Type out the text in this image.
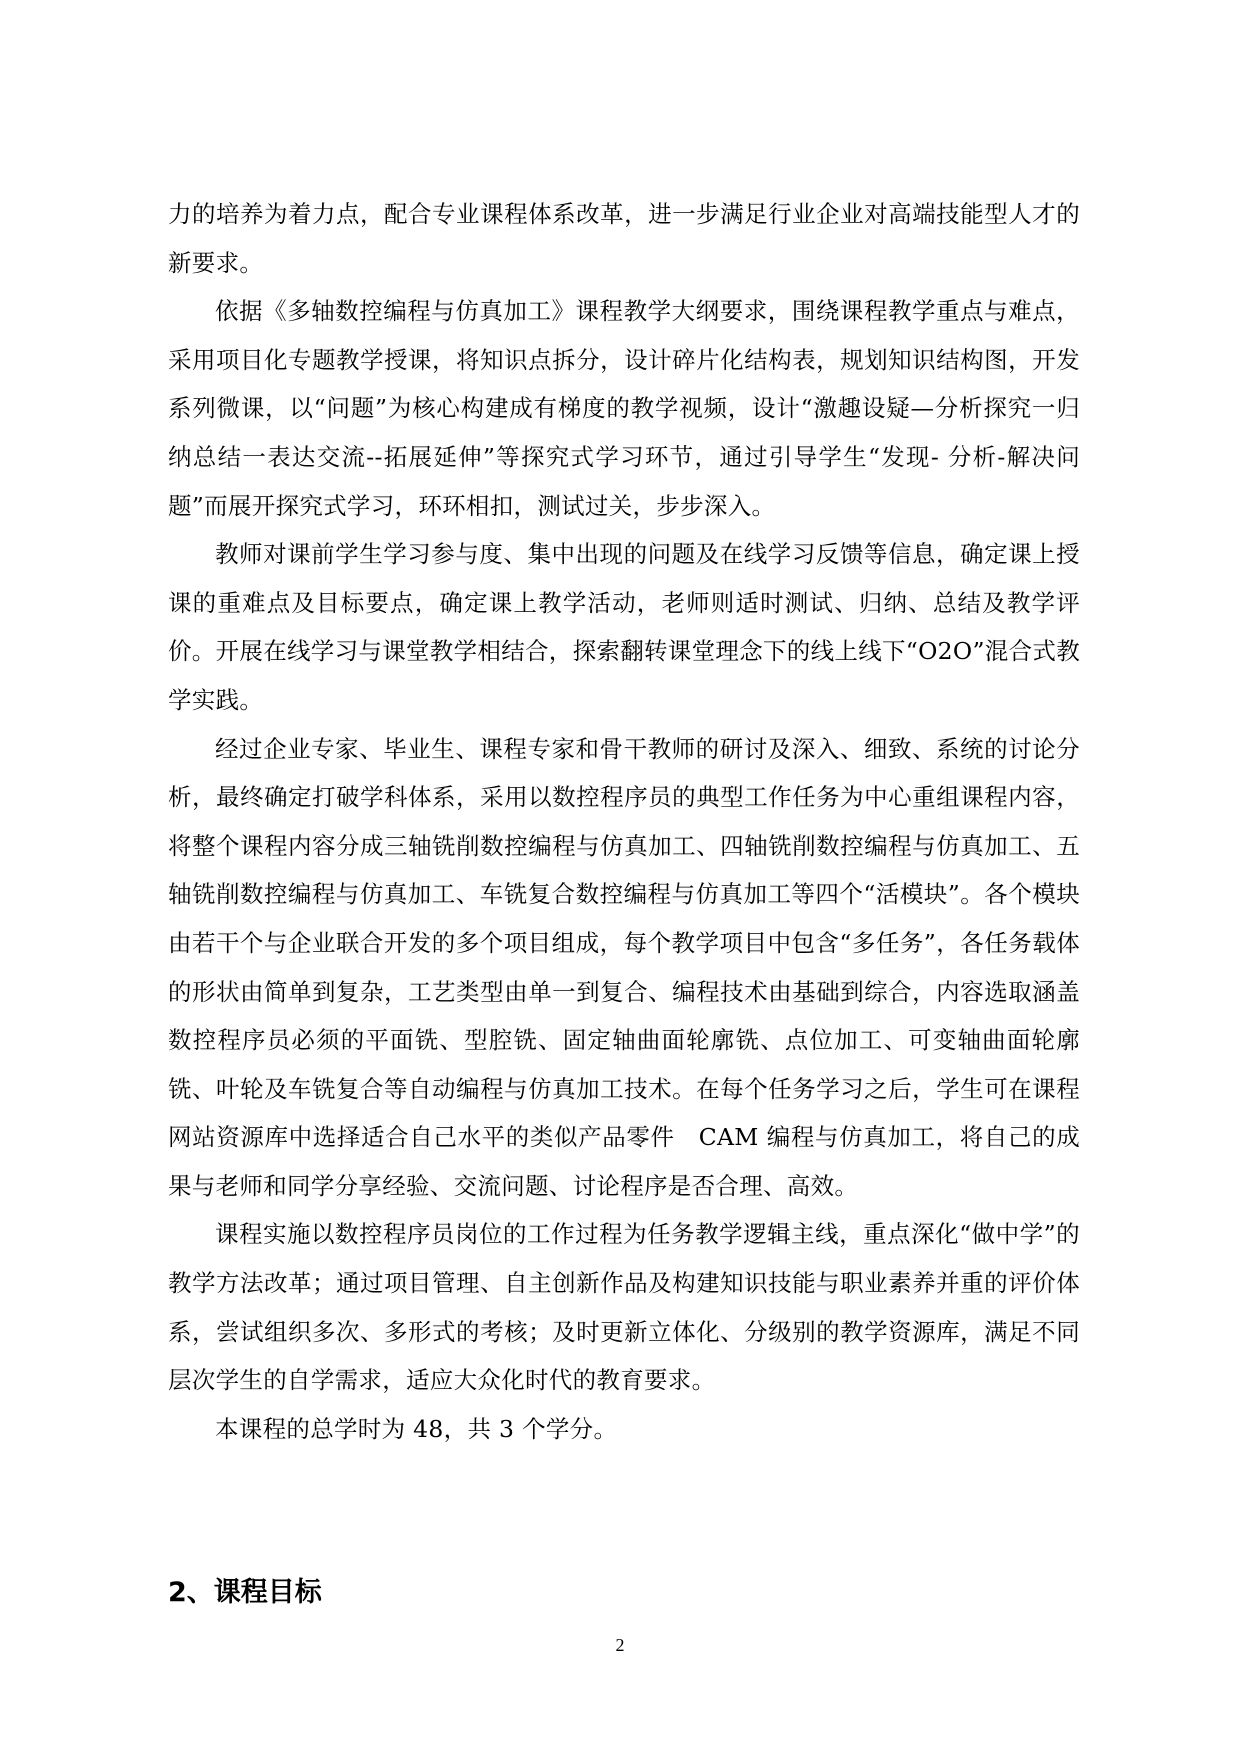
力的培养为着力点，配合专业课程体系改革，进一步满足行业企业对高端技能型人才的新要求。

依据《多轴数控编程与仿真加工》课程教学大纲要求，围绕课程教学重点与难点，采用项目化专题教学授课，将知识点拆分，设计碎片化结构表，规划知识结构图，开发系列微课，以“问题”为核心构建成有梯度的教学视频，设计“激趣设疑—分析探究一归纳总结一表达交流--拓展延伸”等探究式学习环节，通过引导学生“发现- 分析-解决问题”而展开探究式学习，环环相扣，测试过关，步步深入。

教师对课前学生学习参与度、集中出现的问题及在线学习反馈等信息，确定课上授课的重难点及目标要点，确定课上教学活动，老师则适时测试、归纳、总结及教学评价。开展在线学习与课堂教学相结合，探索翻转课堂理念下的线上线下“O2O”混合式教学实践。

经过企业专家、毕业生、课程专家和骨干教师的研讨及深入、细致、系统的讨论分析，最终确定打破学科体系，采用以数控程序员的典型工作任务为中心重组课程内容，将整个课程内容分成三轴铣削数控编程与仿真加工、四轴铣削数控编程与仿真加工、五轴铣削数控编程与仿真加工、车铣复合数控编程与仿真加工等四个“活模块”。各个模块由若干个与企业联合开发的多个项目组成，每个教学项目中包含“多任务”，各任务载体的形状由简单到复杂，工艺类型由单一到复合、编程技术由基础到综合，内容选取涵盖数控程序员必须的平面铣、型腔铣、固定轴曲面轮廓铣、点位加工、可变轴曲面轮廓铣、叶轮及车铣复合等自动编程与仿真加工技术。在每个任务学习之后，学生可在课程网站资源库中选择适合自己水平的类似产品零件　CAM 编程与仿真加工，将自己的成果与老师和同学分享经验、交流问题、讨论程序是否合理、高效。

课程实施以数控程序员岗位的工作过程为任务教学逻辑主线，重点深化“做中学”的教学方法改革；通过项目管理、自主创新作品及构建知识技能与职业素养并重的评价体系，尝试组织多次、多形式的考核；及时更新立体化、分级别的教学资源库，满足不同层次学生的自学需求，适应大众化时代的教育要求。

本课程的总学时为 48，共 3 个学分。

2、课程目标
2
